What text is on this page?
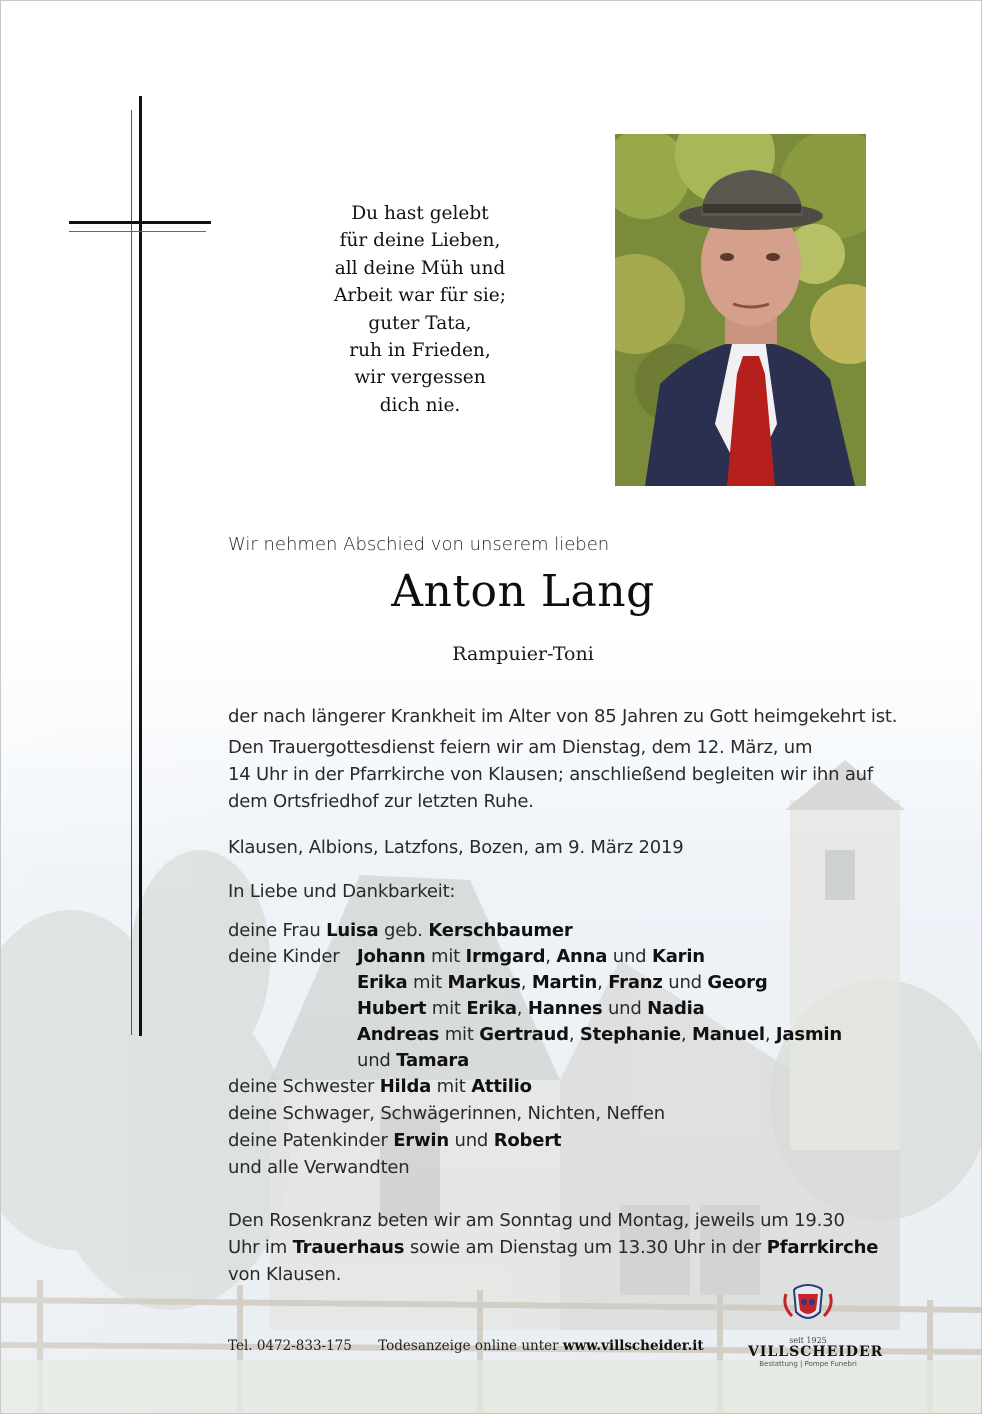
Du hast gelebt
für deine Lieben,
all deine Müh und
Arbeit war für sie;
guter Tata,
ruh in Frieden,
wir vergessen
dich nie.
Wir nehmen Abschied von unserem lieben
Anton Lang
Rampuier-Toni
der nach längerer Krankheit im Alter von 85 Jahren zu Gott heimgekehrt ist.
Den Trauergottesdienst feiern wir am Dienstag, dem 12. März, um
14 Uhr in der Pfarrkirche von Klausen; anschließend begleiten wir ihn auf
dem Ortsfriedhof zur letzten Ruhe.
Klausen, Albions, Latzfons, Bozen, am 9. März 2019
In Liebe und Dankbarkeit:
deine Frau Luisa geb. Kerschbaumer
deine Kinder Johann mit Irmgard, Anna und Karin
Erika mit Markus, Martin, Franz und Georg
Hubert mit Erika, Hannes und Nadia
Andreas mit Gertraud, Stephanie, Manuel, Jasmin
und Tamara
deine Schwester Hilda mit Attilio
deine Schwager, Schwägerinnen, Nichten, Neffen
deine Patenkinder Erwin und Robert
und alle Verwandten
Den Rosenkranz beten wir am Sonntag und Montag, jeweils um 19.30
Uhr im Trauerhaus sowie am Dienstag um 13.30 Uhr in der Pfarrkirche
von Klausen.
Tel. 0472-833-175 Todesanzeige online unter www.villscheider.it	seit 1925
VILLSCHEIDER
Bestattung | Pompe Funebri
